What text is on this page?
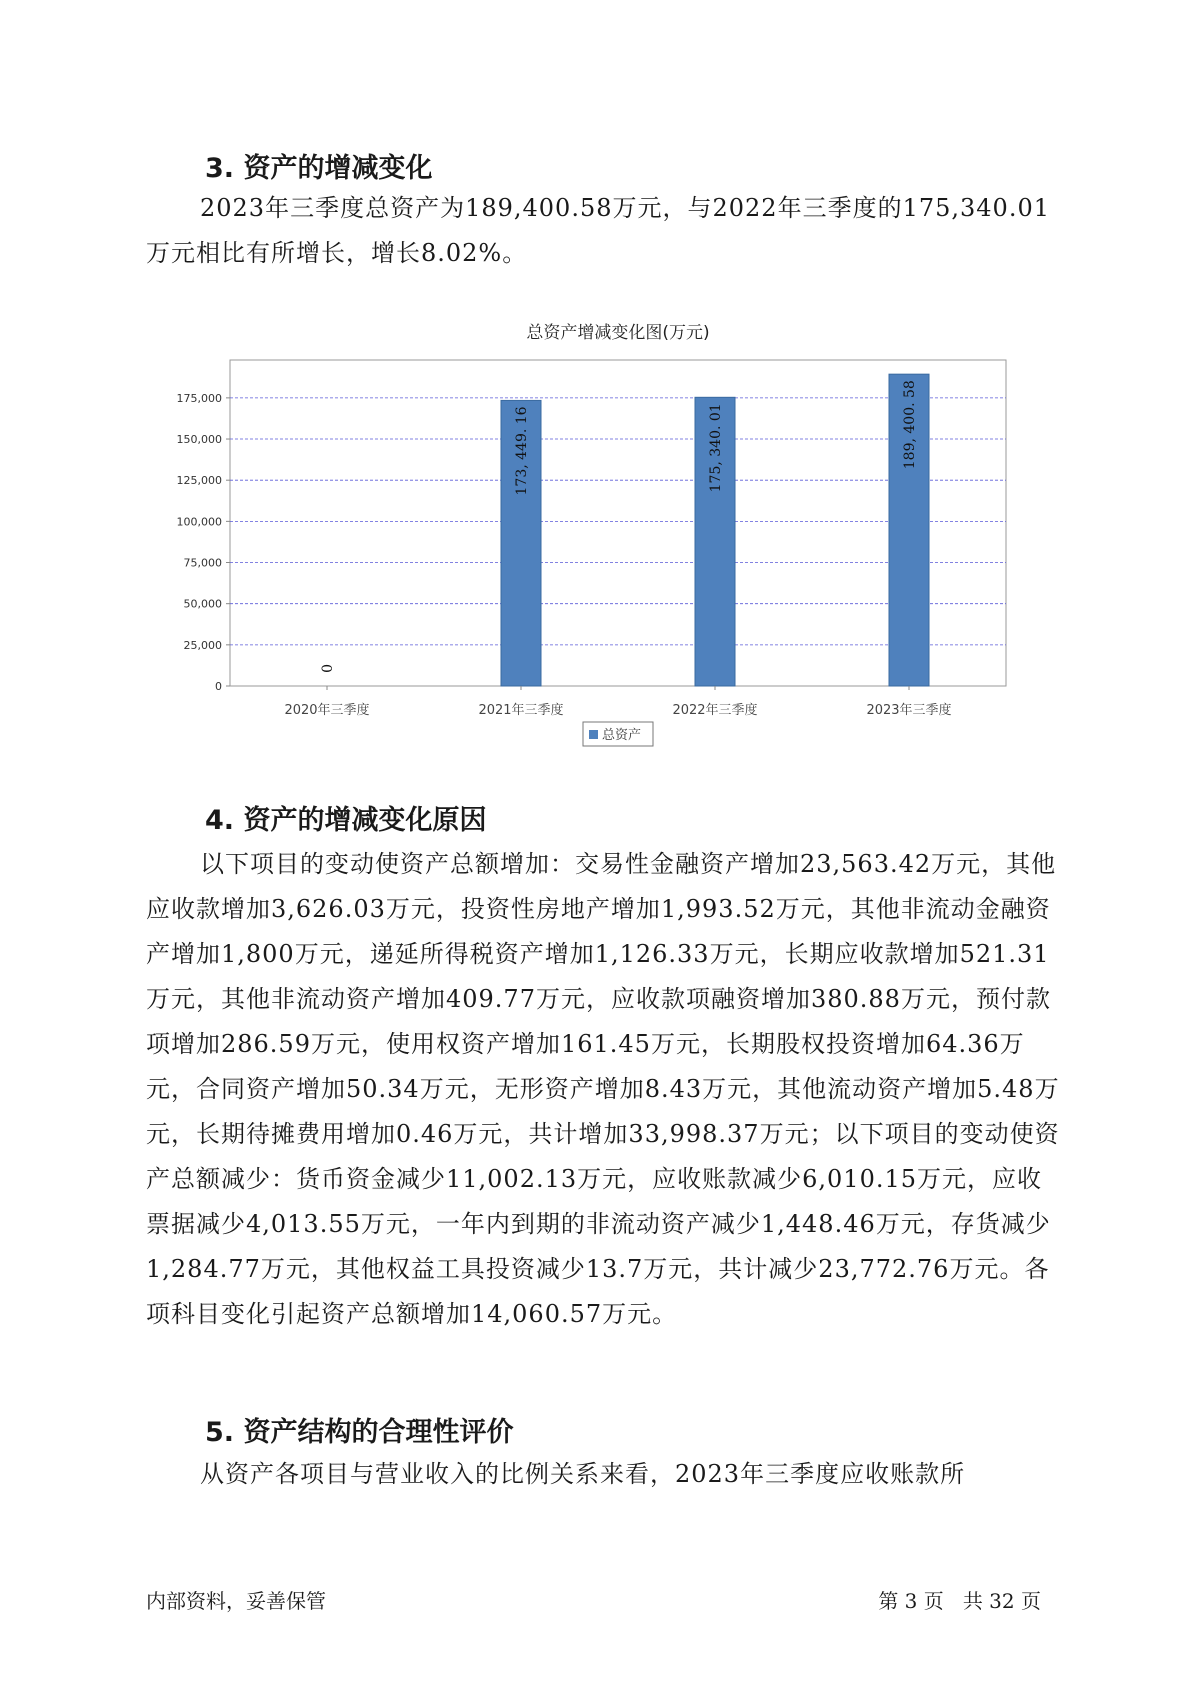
3. 资产的增减变化

2023年三季度总资产为189,400.58万元，与2022年三季度的175,340.01万元相比有所增长，增长8.02%。

总资产增减变化图(万元)
0
25,000
50,000
75,000
100,000
125,000
150,000
175,000
2020年三季度
0
2021年三季度
173, 449. 16
2022年三季度
175, 340. 01
2023年三季度
189, 400. 58
总资产
4. 资产的增减变化原因

以下项目的变动使资产总额增加：交易性金融资产增加23,563.42万元，其他应收款增加3,626.03万元，投资性房地产增加1,993.52万元，其他非流动金融资产增加1,800万元，递延所得税资产增加1,126.33万元，长期应收款增加521.31万元，其他非流动资产增加409.77万元，应收款项融资增加380.88万元，预付款项增加286.59万元，使用权资产增加161.45万元，长期股权投资增加64.36万元，合同资产增加50.34万元，无形资产增加8.43万元，其他流动资产增加5.48万元，长期待摊费用增加0.46万元，共计增加33,998.37万元；以下项目的变动使资产总额减少：货币资金减少11,002.13万元，应收账款减少6,010.15万元，应收票据减少4,013.55万元，一年内到期的非流动资产减少1,448.46万元，存货减少1,284.77万元，其他权益工具投资减少13.7万元，共计减少23,772.76万元。各项科目变化引起资产总额增加14,060.57万元。

5. 资产结构的合理性评价

从资产各项目与营业收入的比例关系来看，2023年三季度应收账款所

内部资料，妥善保管	第 3 页   共 32 页
